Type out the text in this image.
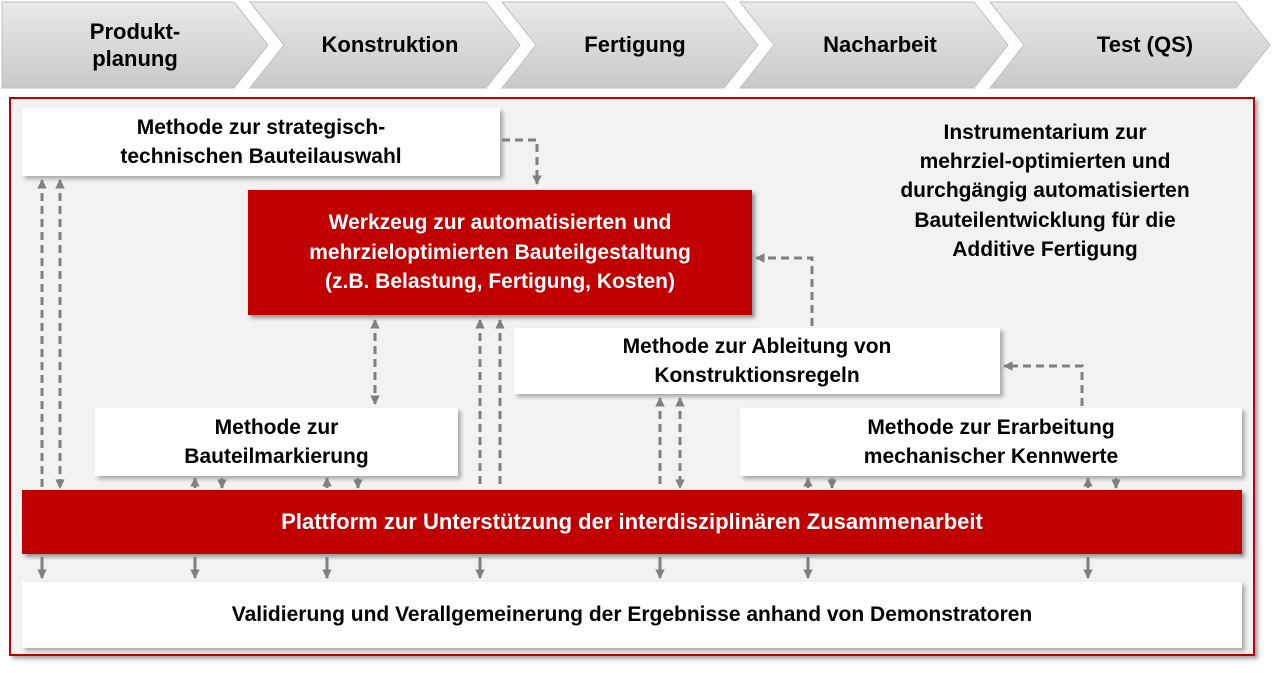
Produkt-
planung
Konstruktion	Fertigung	Nacharbeit	Test (QS)
Methode zur strategisch-
technischen Bauteilauswahl
Instrumentarium zur
mehrziel-optimierten und
durchgängig automatisierten
Bauteilentwicklung für die
Additive Fertigung
Werkzeug zur automatisierten und
mehrzieloptimierten Bauteilgestaltung
(z.B. Belastung, Fertigung, Kosten)
Methode zur Ableitung von
Konstruktionsregeln
Methode zur
Bauteilmarkierung
Methode zur Erarbeitung
mechanischer Kennwerte
Plattform zur Unterstützung der interdisziplinären Zusammenarbeit
Validierung und Verallgemeinerung der Ergebnisse anhand von Demonstratoren
